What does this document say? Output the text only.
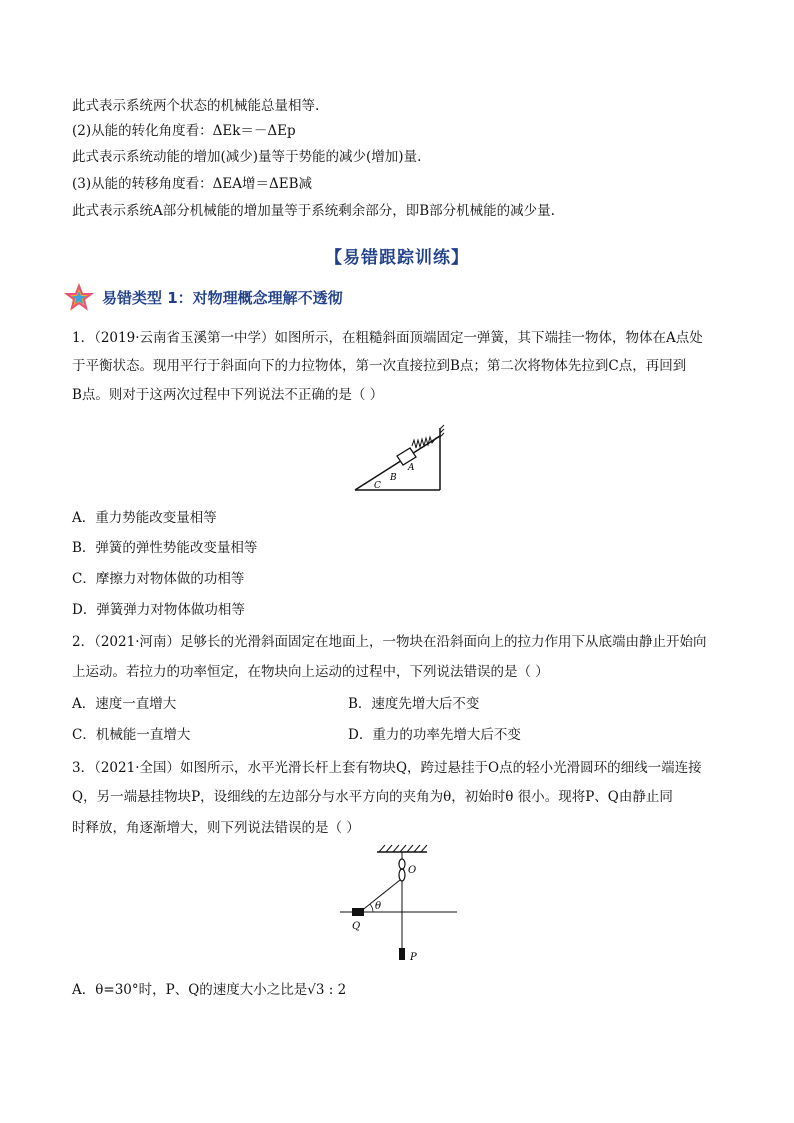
此式表示系统两个状态的机械能总量相等.
(2)从能的转化角度看：ΔEk＝－ΔEp
此式表示系统动能的增加(减少)量等于势能的减少(增加)量.
(3)从能的转移角度看：ΔEA增＝ΔEB减
此式表示系统A部分机械能的增加量等于系统剩余部分，即B部分机械能的减少量.
【易错跟踪训练】
易错类型 1：对物理概念理解不透彻
1．（2019·云南省玉溪第一中学）如图所示，在粗糙斜面顶端固定一弹簧，其下端挂一物体，物体在A点处
于平衡状态。现用平行于斜面向下的力拉物体，第一次直接拉到B点；第二次将物体先拉到C点，再回到
B点。则对于这两次过程中下列说法不正确的是（ ）
A
B
C
A．重力势能改变量相等
B．弹簧的弹性势能改变量相等
C．摩擦力对物体做的功相等
D．弹簧弹力对物体做功相等
2．（2021·河南）足够长的光滑斜面固定在地面上，一物块在沿斜面向上的拉力作用下从底端由静止开始向
上运动。若拉力的功率恒定，在物块向上运动的过程中，下列说法错误的是（ ）
A．速度一直增大	B．速度先增大后不变
C．机械能一直增大	D．重力的功率先增大后不变
3．（2021·全国）如图所示，水平光滑长杆上套有物块Q，跨过悬挂于O点的轻小光滑圆环的细线一端连接
Q，另一端悬挂物块P，设细线的左边部分与水平方向的夹角为θ，初始时θ 很小。现将P、Q由静止同
时释放，角逐渐增大，则下列说法错误的是（ ）
O
θ
Q
P
A．θ=30°时，P、Q的速度大小之比是√3 : 2
